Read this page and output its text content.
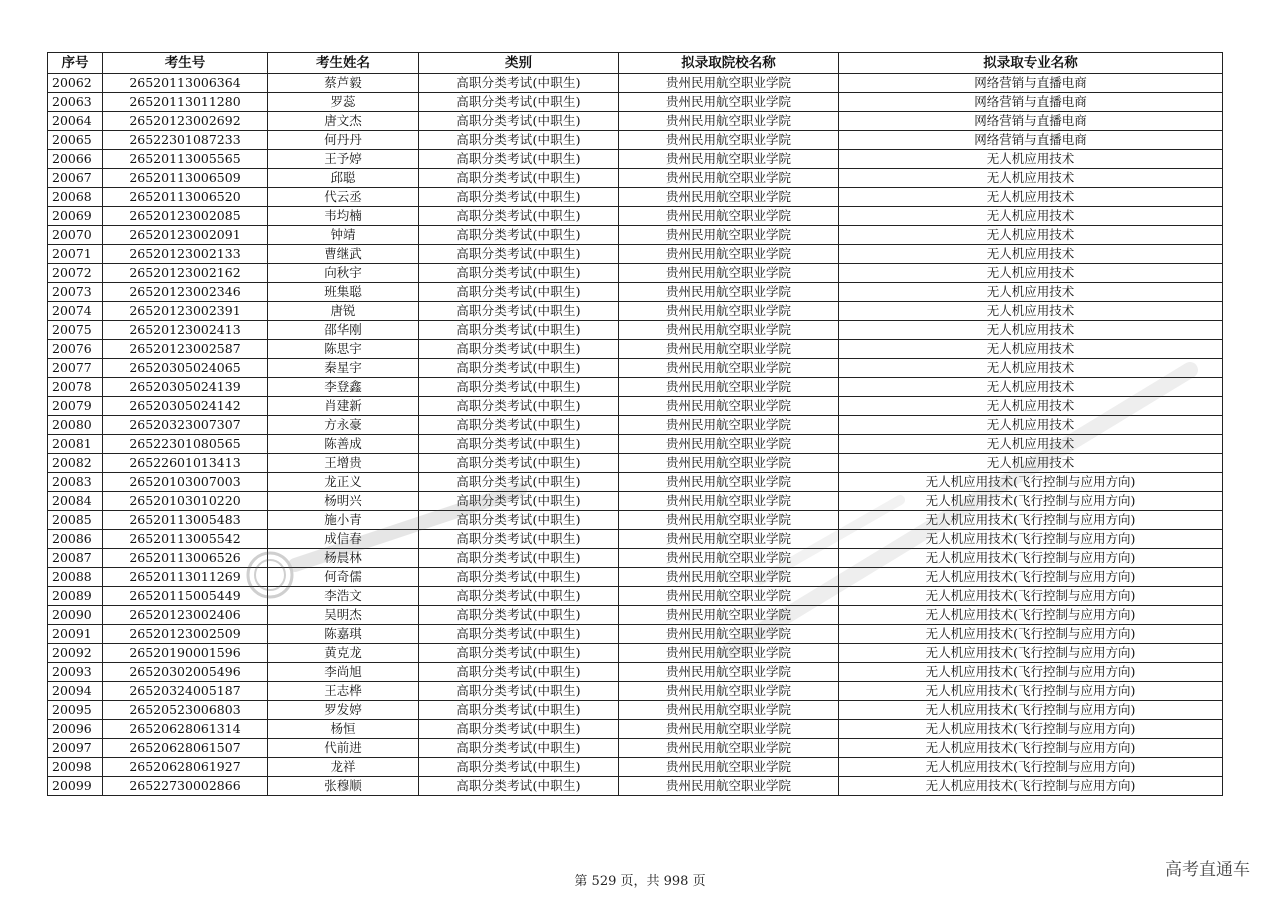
序号	考生号	考生姓名	类别	拟录取院校名称	拟录取专业名称
20062	26520113006364	蔡芦毅	高职分类考试(中职生)	贵州民用航空职业学院	网络营销与直播电商
20063	26520113011280	罗蕊	高职分类考试(中职生)	贵州民用航空职业学院	网络营销与直播电商
20064	26520123002692	唐文杰	高职分类考试(中职生)	贵州民用航空职业学院	网络营销与直播电商
20065	26522301087233	何丹丹	高职分类考试(中职生)	贵州民用航空职业学院	网络营销与直播电商
20066	26520113005565	王予婷	高职分类考试(中职生)	贵州民用航空职业学院	无人机应用技术
20067	26520113006509	邱聪	高职分类考试(中职生)	贵州民用航空职业学院	无人机应用技术
20068	26520113006520	代云丞	高职分类考试(中职生)	贵州民用航空职业学院	无人机应用技术
20069	26520123002085	韦均楠	高职分类考试(中职生)	贵州民用航空职业学院	无人机应用技术
20070	26520123002091	钟靖	高职分类考试(中职生)	贵州民用航空职业学院	无人机应用技术
20071	26520123002133	曹继武	高职分类考试(中职生)	贵州民用航空职业学院	无人机应用技术
20072	26520123002162	向秋宇	高职分类考试(中职生)	贵州民用航空职业学院	无人机应用技术
20073	26520123002346	班集聪	高职分类考试(中职生)	贵州民用航空职业学院	无人机应用技术
20074	26520123002391	唐锐	高职分类考试(中职生)	贵州民用航空职业学院	无人机应用技术
20075	26520123002413	邵华刚	高职分类考试(中职生)	贵州民用航空职业学院	无人机应用技术
20076	26520123002587	陈思宇	高职分类考试(中职生)	贵州民用航空职业学院	无人机应用技术
20077	26520305024065	秦星宇	高职分类考试(中职生)	贵州民用航空职业学院	无人机应用技术
20078	26520305024139	李登鑫	高职分类考试(中职生)	贵州民用航空职业学院	无人机应用技术
20079	26520305024142	肖建新	高职分类考试(中职生)	贵州民用航空职业学院	无人机应用技术
20080	26520323007307	方永豪	高职分类考试(中职生)	贵州民用航空职业学院	无人机应用技术
20081	26522301080565	陈善成	高职分类考试(中职生)	贵州民用航空职业学院	无人机应用技术
20082	26522601013413	王增贵	高职分类考试(中职生)	贵州民用航空职业学院	无人机应用技术
20083	26520103007003	龙正义	高职分类考试(中职生)	贵州民用航空职业学院	无人机应用技术(飞行控制与应用方向)
20084	26520103010220	杨明兴	高职分类考试(中职生)	贵州民用航空职业学院	无人机应用技术(飞行控制与应用方向)
20085	26520113005483	施小青	高职分类考试(中职生)	贵州民用航空职业学院	无人机应用技术(飞行控制与应用方向)
20086	26520113005542	成信春	高职分类考试(中职生)	贵州民用航空职业学院	无人机应用技术(飞行控制与应用方向)
20087	26520113006526	杨晨林	高职分类考试(中职生)	贵州民用航空职业学院	无人机应用技术(飞行控制与应用方向)
20088	26520113011269	何奇儒	高职分类考试(中职生)	贵州民用航空职业学院	无人机应用技术(飞行控制与应用方向)
20089	26520115005449	李浩文	高职分类考试(中职生)	贵州民用航空职业学院	无人机应用技术(飞行控制与应用方向)
20090	26520123002406	吴明杰	高职分类考试(中职生)	贵州民用航空职业学院	无人机应用技术(飞行控制与应用方向)
20091	26520123002509	陈嘉琪	高职分类考试(中职生)	贵州民用航空职业学院	无人机应用技术(飞行控制与应用方向)
20092	26520190001596	黄克龙	高职分类考试(中职生)	贵州民用航空职业学院	无人机应用技术(飞行控制与应用方向)
20093	26520302005496	李尚旭	高职分类考试(中职生)	贵州民用航空职业学院	无人机应用技术(飞行控制与应用方向)
20094	26520324005187	王志桦	高职分类考试(中职生)	贵州民用航空职业学院	无人机应用技术(飞行控制与应用方向)
20095	26520523006803	罗发婷	高职分类考试(中职生)	贵州民用航空职业学院	无人机应用技术(飞行控制与应用方向)
20096	26520628061314	杨恒	高职分类考试(中职生)	贵州民用航空职业学院	无人机应用技术(飞行控制与应用方向)
20097	26520628061507	代前进	高职分类考试(中职生)	贵州民用航空职业学院	无人机应用技术(飞行控制与应用方向)
20098	26520628061927	龙祥	高职分类考试(中职生)	贵州民用航空职业学院	无人机应用技术(飞行控制与应用方向)
20099	26522730002866	张穆顺	高职分类考试(中职生)	贵州民用航空职业学院	无人机应用技术(飞行控制与应用方向)
第 529 页，共 998 页
高考直通车
